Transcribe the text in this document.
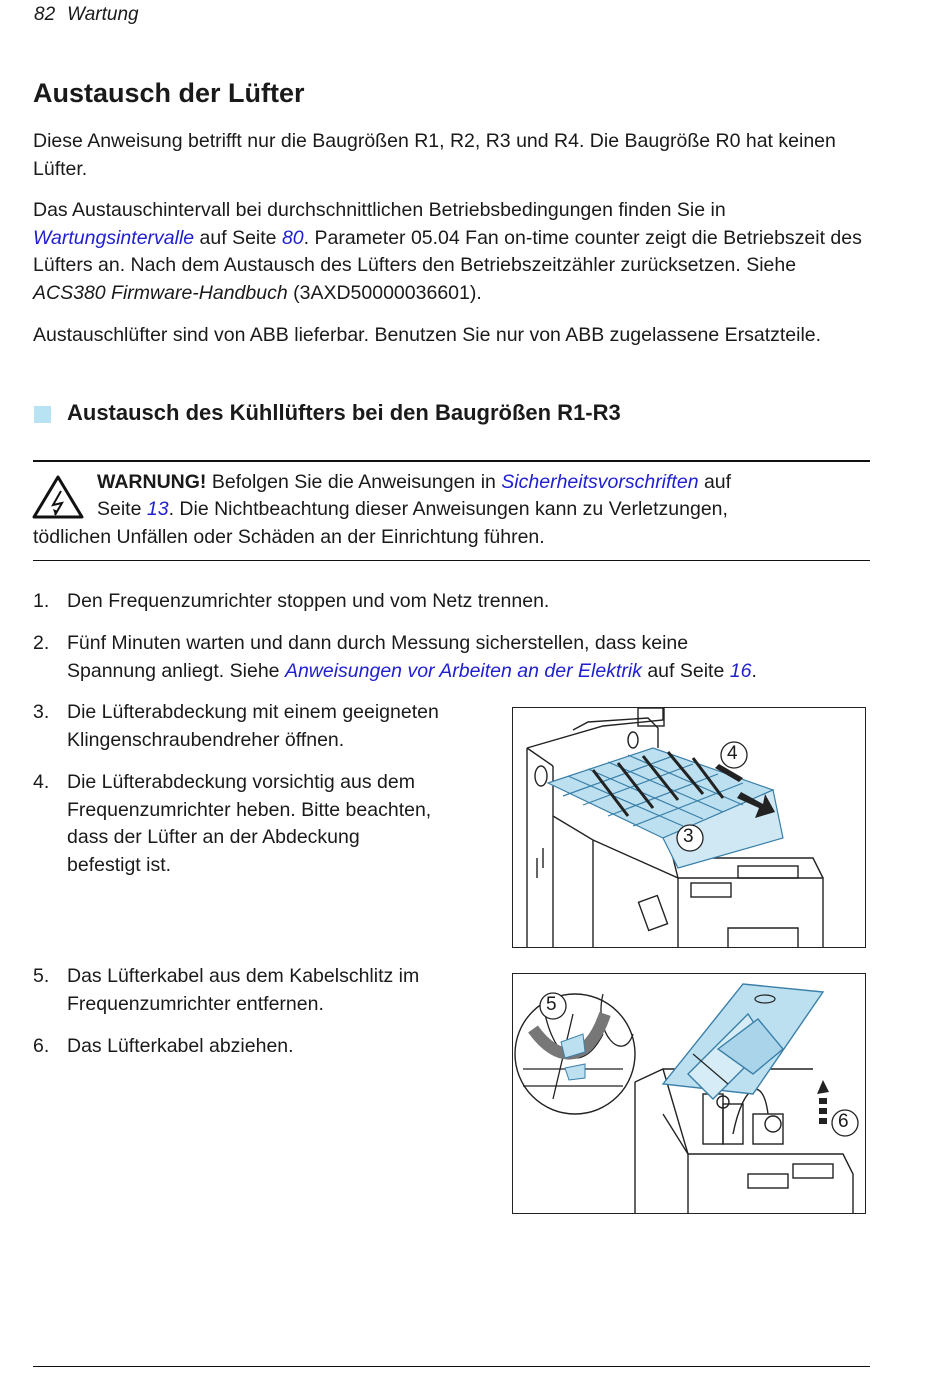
82 Wartung
Austausch der Lüfter

Diese Anweisung betrifft nur die Baugrößen R1, R2, R3 und R4. Die Baugröße R0 hat keinen Lüfter.

Das Austauschintervall bei durchschnittlichen Betriebsbedingungen finden Sie in
Wartungsintervalle auf Seite 80. Parameter 05.04 Fan on-time counter zeigt die Betriebszeit des Lüfters an. Nach dem Austausch des Lüfters den Betriebszeitzähler zurücksetzen. Siehe ACS380 Firmware-Handbuch (3AXD50000036601).

Austauschlüfter sind von ABB lieferbar. Benutzen Sie nur von ABB zugelassene Ersatzteile.

Austausch des Kühllüfters bei den Baugrößen R1-R3
WARNUNG! Befolgen Sie die Anweisungen in Sicherheitsvorschriften auf
Seite 13. Die Nichtbeachtung dieser Anweisungen kann zu Verletzungen,
tödlichen Unfällen oder Schäden an der Einrichtung führen.
1. Den Frequenzumrichter stoppen und vom Netz trennen.
2. Fünf Minuten warten und dann durch Messung sicherstellen, dass keine

Spannung anliegt. Siehe Anweisungen vor Arbeiten an der Elektrik auf Seite 16.

3. Die Lüfterabdeckung mit einem geeigneten

Klingenschraubendreher öffnen.

4. Die Lüfterabdeckung vorsichtig aus dem

Frequenzumrichter heben. Bitte beachten,

dass der Lüfter an der Abdeckung

befestigt ist.

5. Das Lüfterkabel aus dem Kabelschlitz im

Frequenzumrichter entfernen.

6. Das Lüfterkabel abziehen.
4
3
5
6
